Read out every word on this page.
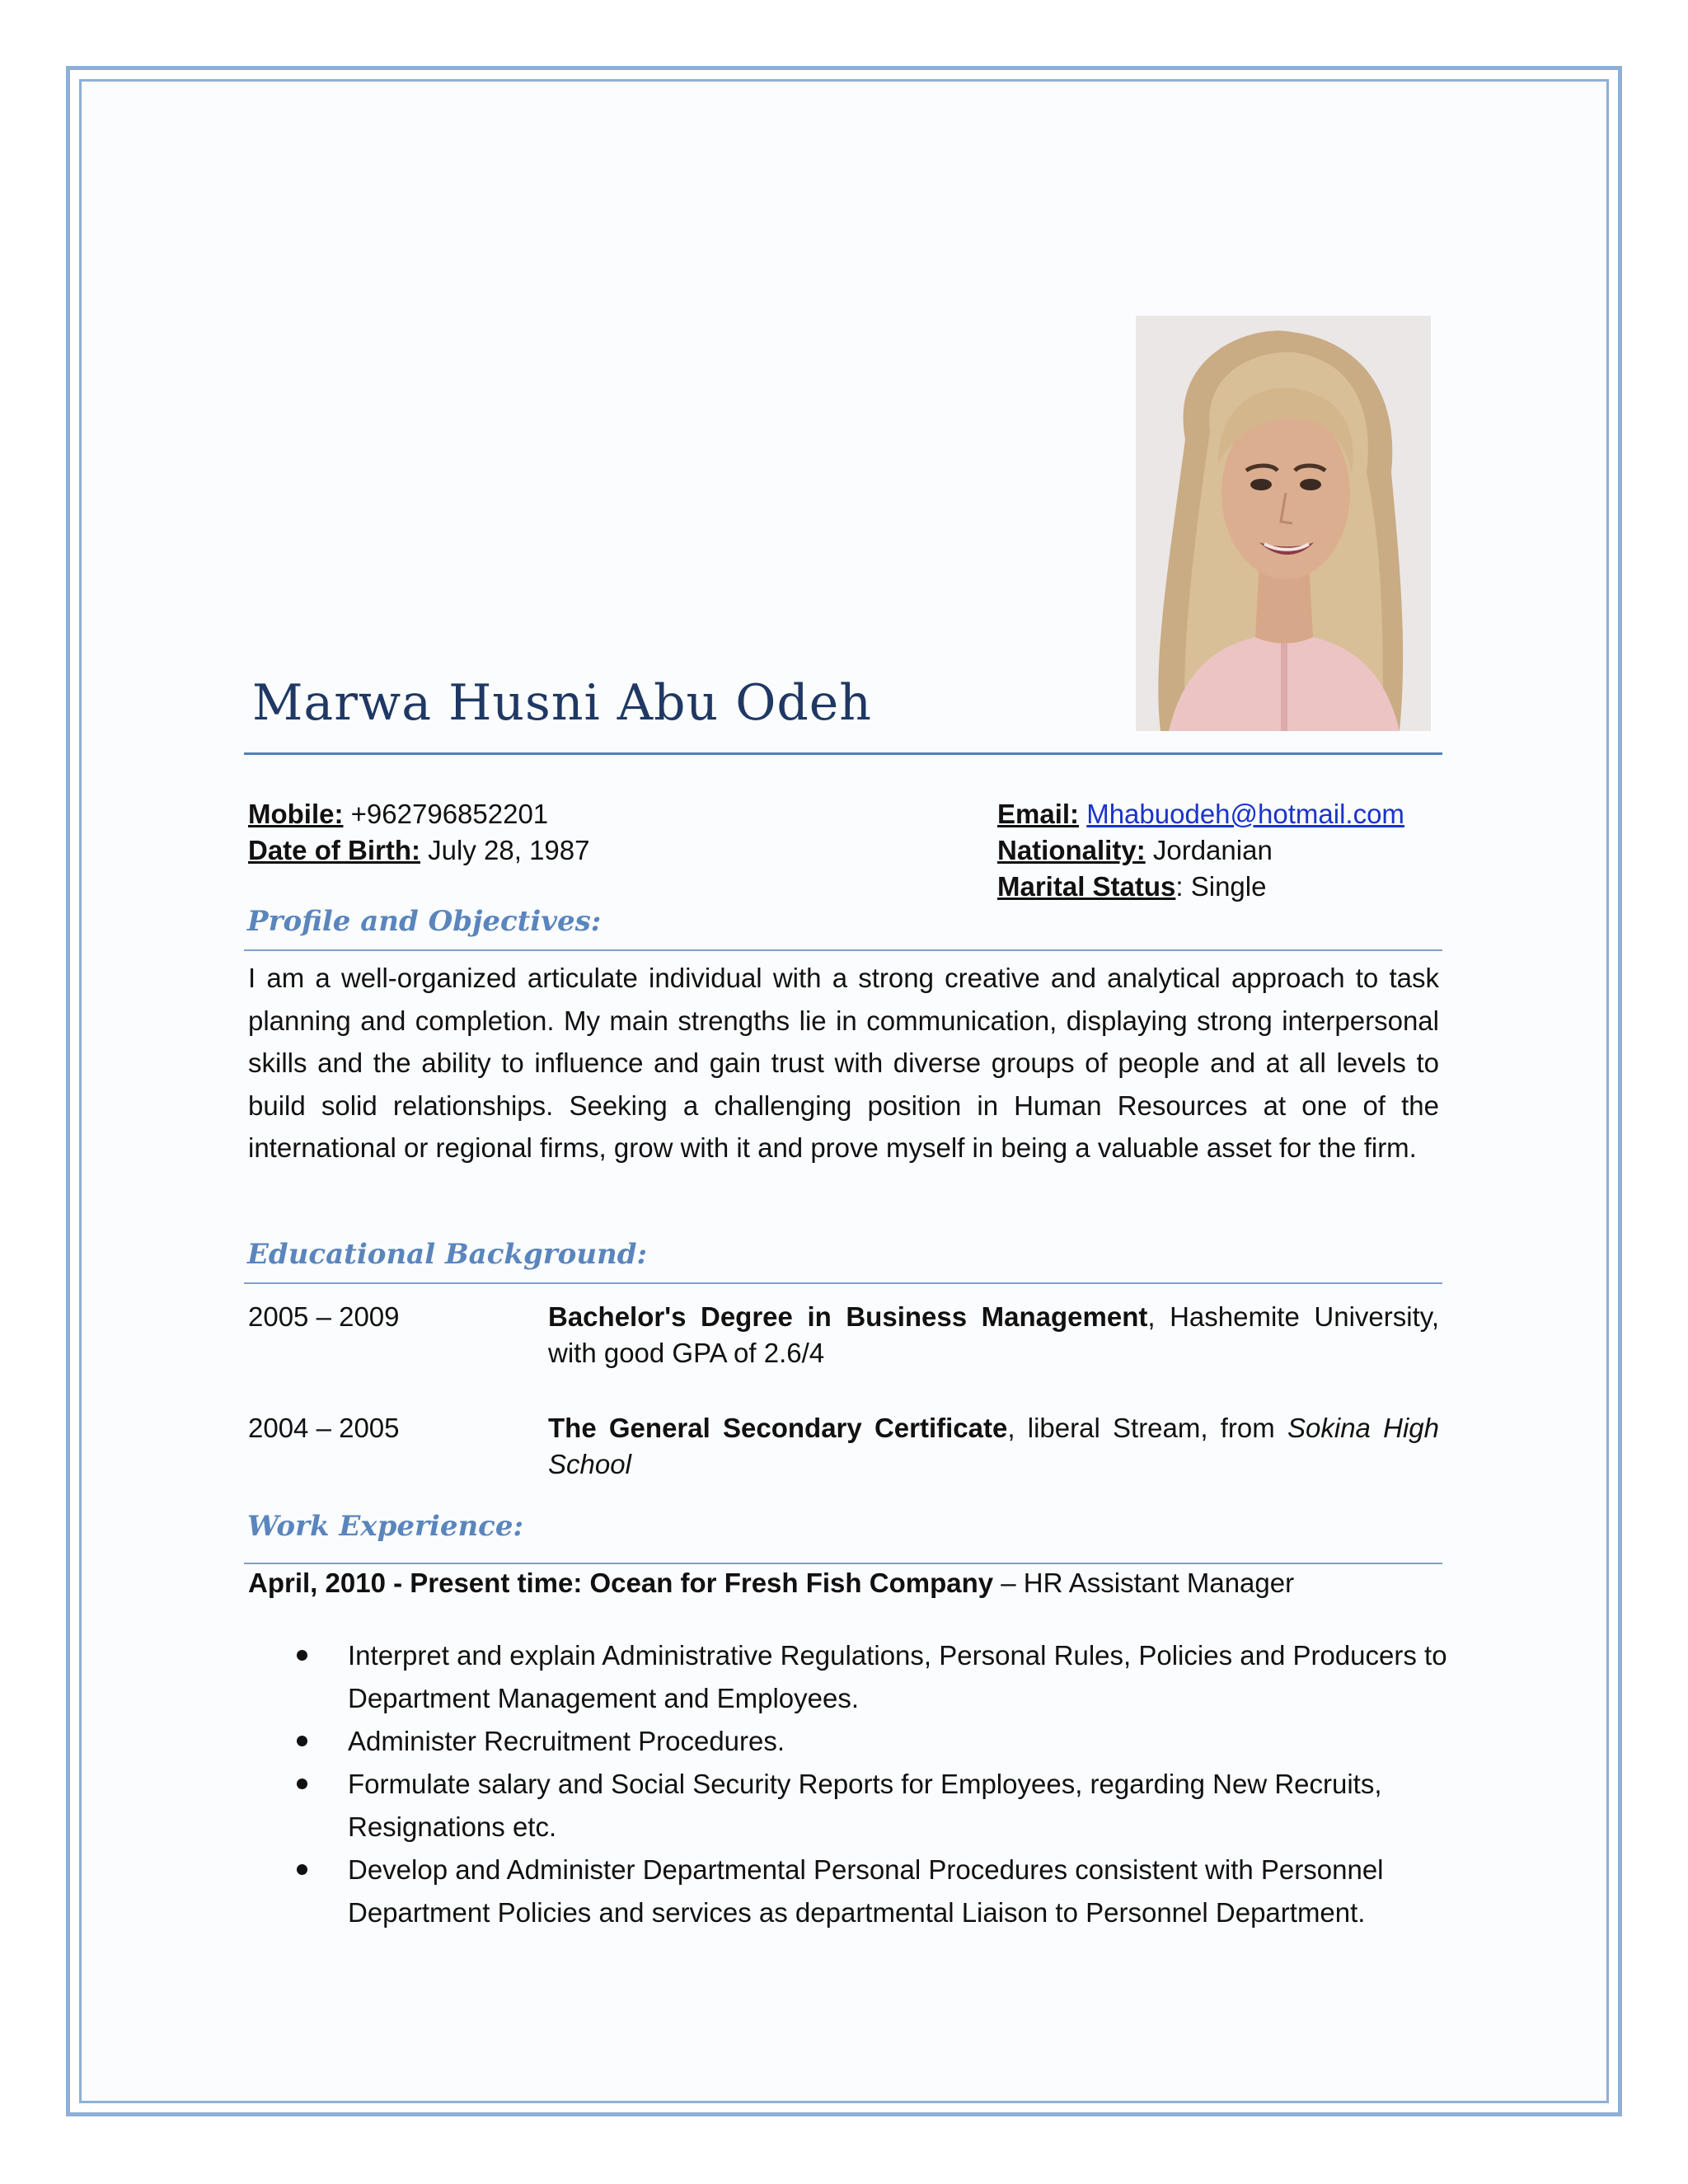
Marwa Husni Abu Odeh
Mobile: +962796852201
Date of Birth: July 28, 1987
Email: Mhabuodeh@hotmail.com
Nationality: Jordanian
Marital Status: Single
Profile and Objectives:
I am a well-organized articulate individual with a strong creative and analytical approach to task planning and completion. My main strengths lie in communication, displaying strong interpersonal skills and the ability to influence and gain trust with diverse groups of people and at all levels to build solid relationships. Seeking a challenging position in Human Resources at one of the international or regional firms, grow with it and prove myself in being a valuable asset for the firm.
Educational Background:
2005 – 2009	Bachelor's Degree in Business Management, Hashemite University, with good GPA of 2.6/4
2004 – 2005	The General Secondary Certificate, liberal Stream, from Sokina High School
Work Experience:
April, 2010 - Present time: Ocean for Fresh Fish Company – HR Assistant Manager
Interpret and explain Administrative Regulations, Personal Rules, Policies and Producers to Department Management and Employees.
Administer Recruitment Procedures.
Formulate salary and Social Security Reports for Employees, regarding New Recruits, Resignations etc.
Develop and Administer Departmental Personal Procedures consistent with Personnel Department Policies and services as departmental Liaison to Personnel Department.
